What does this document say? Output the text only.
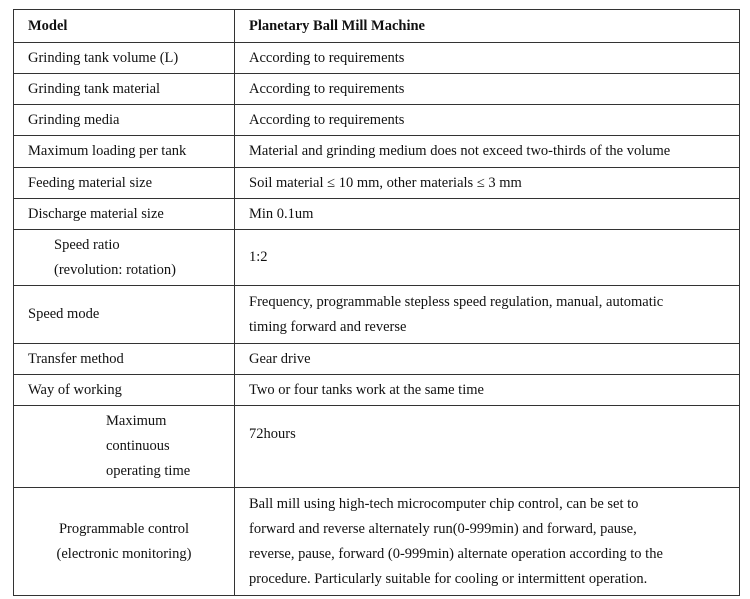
Model	Planetary Ball Mill Machine
Grinding tank volume (L)	According to requirements
Grinding tank material	According to requirements
Grinding media	According to requirements
Maximum loading per tank	Material and grinding medium does not exceed two-thirds of the volume
Feeding material size	Soil material ≤ 10 mm, other materials ≤ 3 mm
Discharge material size	Min 0.1um

Speed ratio
(revolution: rotation)	1:2
Speed mode	Frequency, programmable stepless speed regulation, manual, automatic
timing forward and reverse

Transfer method	Gear drive
Way of working	Two or four tanks work at the same time

Maximum
continuous
operating time	72hours

Programmable control
(electronic monitoring)	Ball mill using high-tech microcomputer chip control, can be set to
forward and reverse alternately run(0-999min) and forward, pause,
reverse, pause, forward (0-999min) alternate operation according to the
procedure. Particularly suitable for cooling or intermittent operation.
